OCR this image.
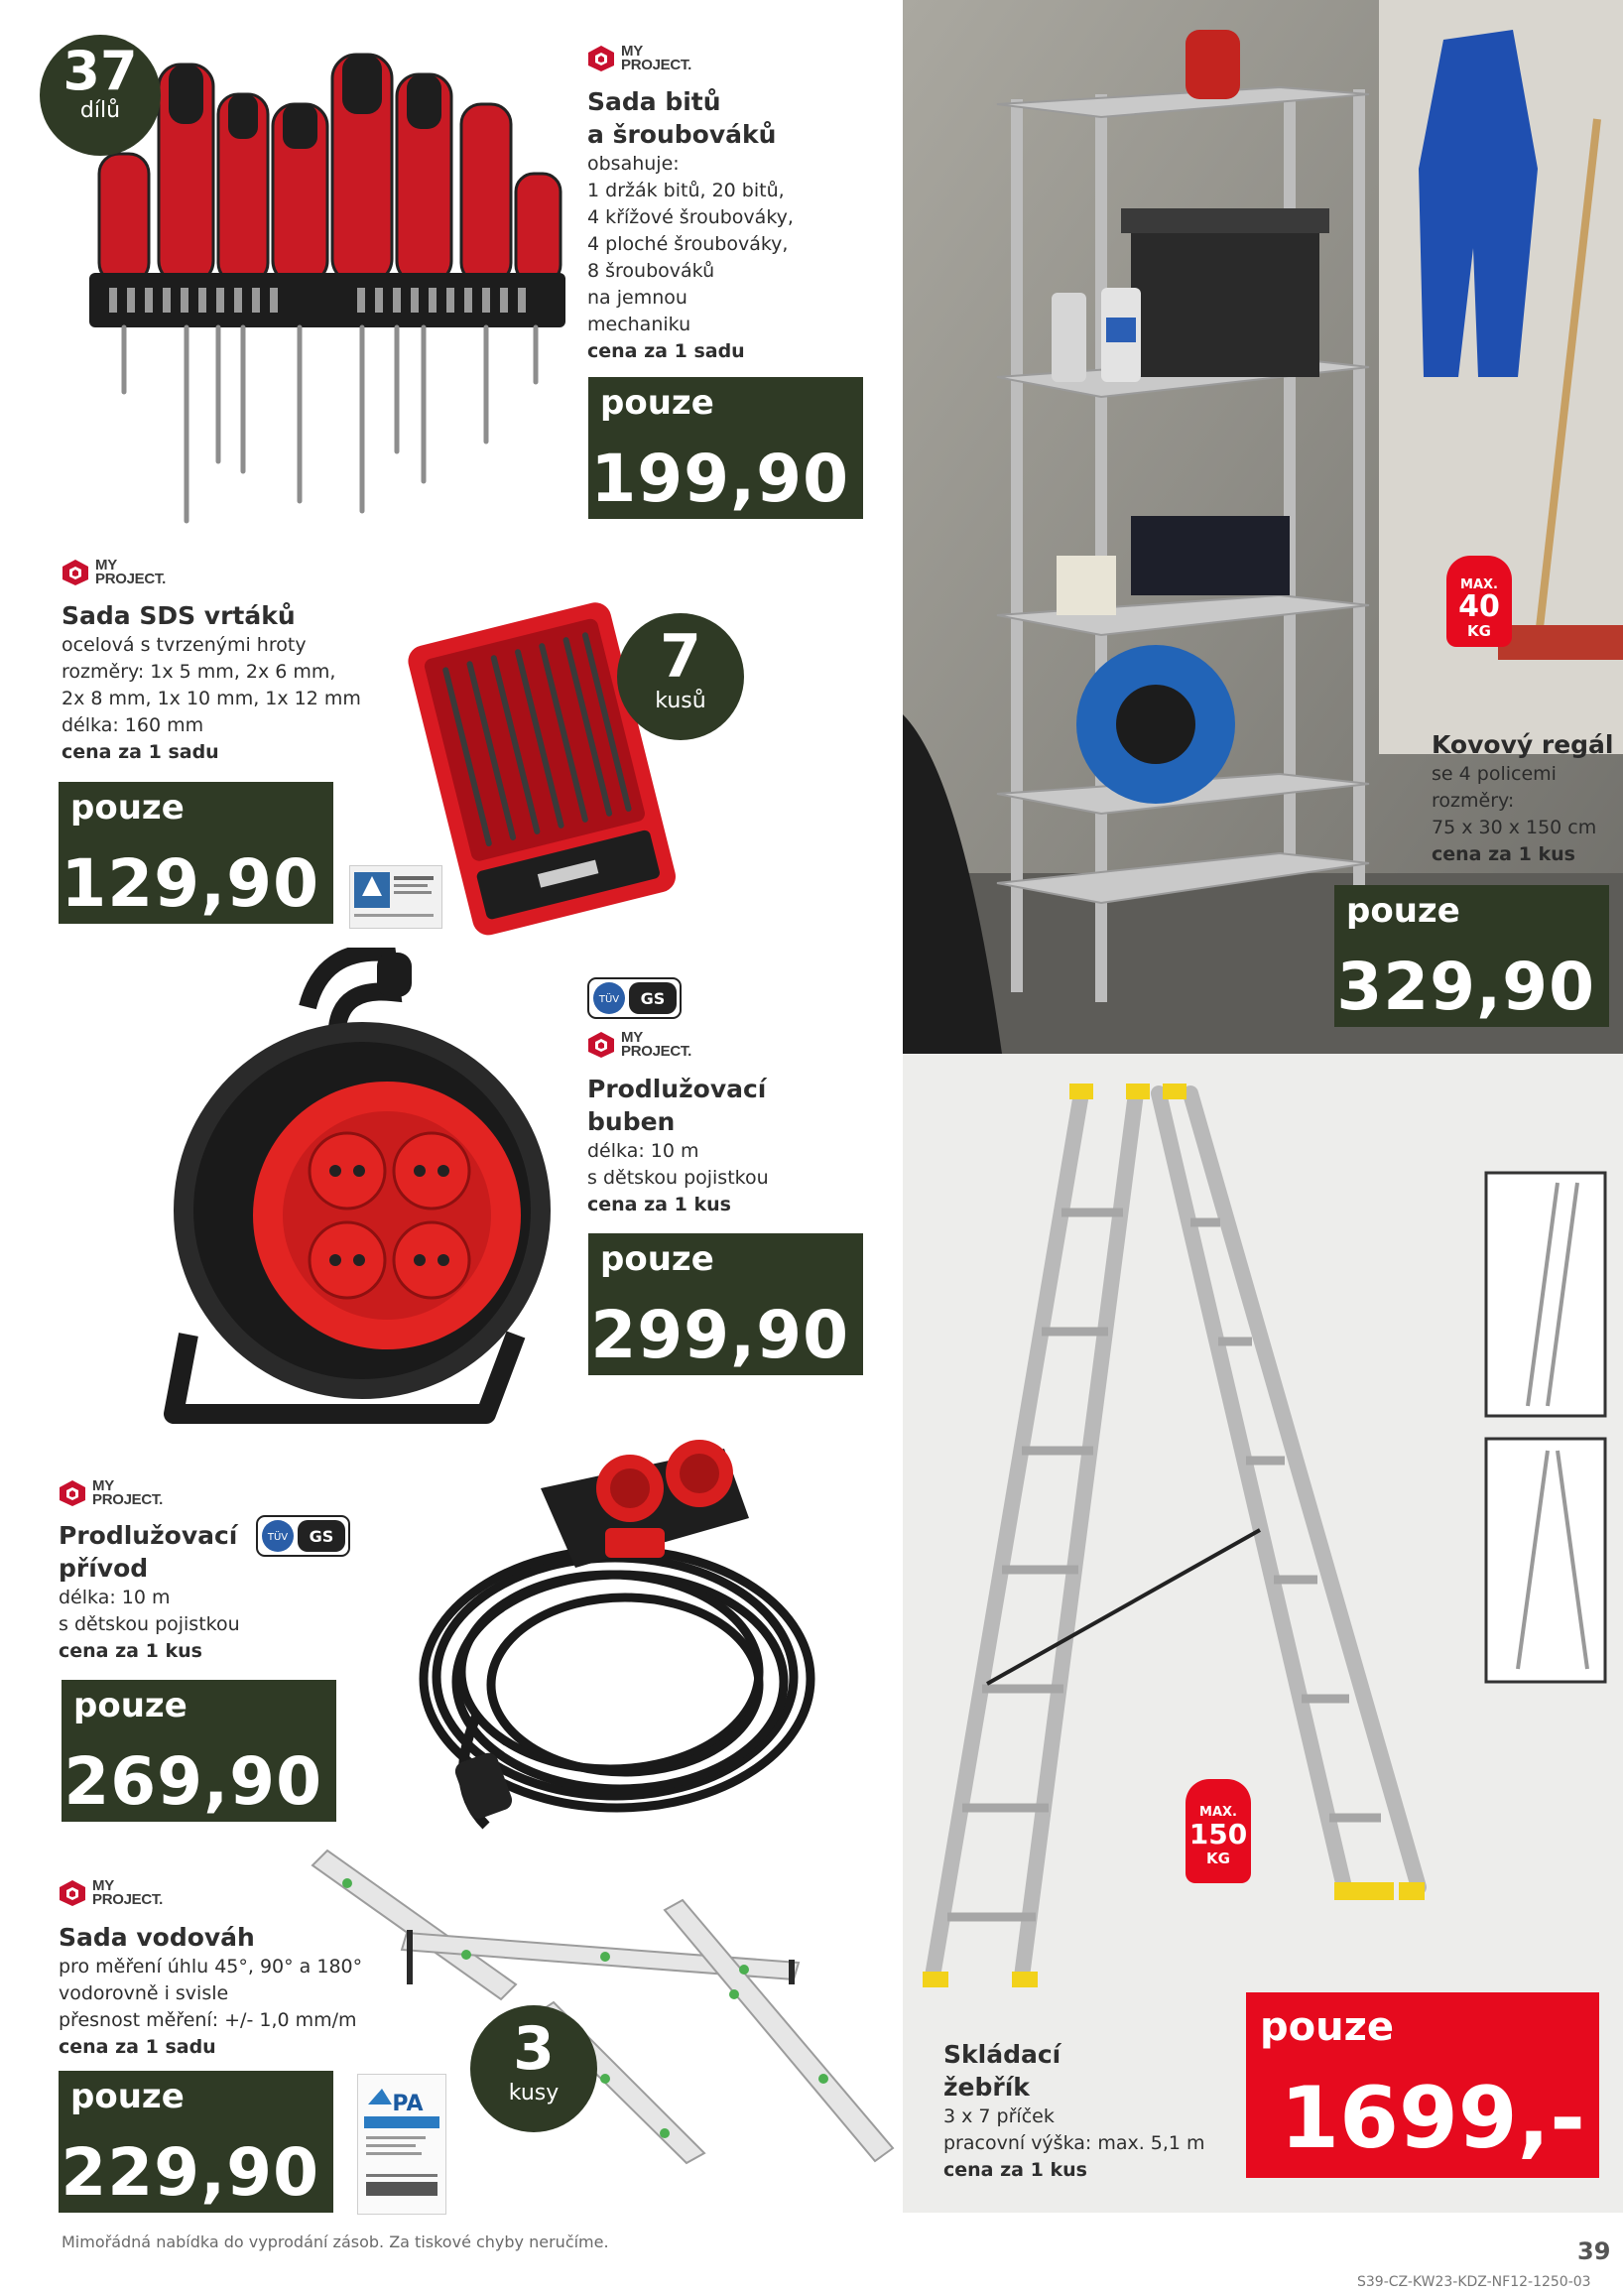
37
dílů
MY
PROJECT.
Sada bitů
a šroubováků
obsahuje:
1 držák bitů, 20 bitů,
4 křížové šroubováky,
4 ploché šroubováky,
8 šroubováků
na jemnou
mechaniku
cena za 1 sadu
pouze
199,90
MY
PROJECT.
Sada SDS vrtáků
ocelová s tvrzenými hroty
rozměry: 1x 5 mm, 2x 6 mm,
2x 8 mm, 1x 10 mm, 1x 12 mm
délka: 160 mm
cena za 1 sadu
pouze
129,90
7
kusů
MAX.
40
KG
Kovový regál
se 4 policemi
rozměry:
75 x 30 x 150 cm
cena za 1 kus
pouze
329,90
TÜV GS
MY
PROJECT.
Prodlužovací
buben
délka: 10 m
s dětskou pojistkou
cena za 1 kus
pouze
299,90
MY
PROJECT.
TÜV GS
Prodlužovací
přívod
délka: 10 m
s dětskou pojistkou
cena za 1 kus
pouze
269,90
MY
PROJECT.
Sada vodováh
pro měření úhlu 45°, 90° a 180°
vodorovně i svisle
přesnost měření: +/- 1,0 mm/m
cena za 1 sadu
pouze
229,90
PA
3
kusy
MAX.
150
KG
Skládací
žebřík
3 x 7 příček
pracovní výška: max. 5,1 m
cena za 1 kus
pouze
1699,-
Mimořádná nabídka do vyprodání zásob. Za tiskové chyby neručíme.	39
S39-CZ-KW23-KDZ-NF12-1250-03
